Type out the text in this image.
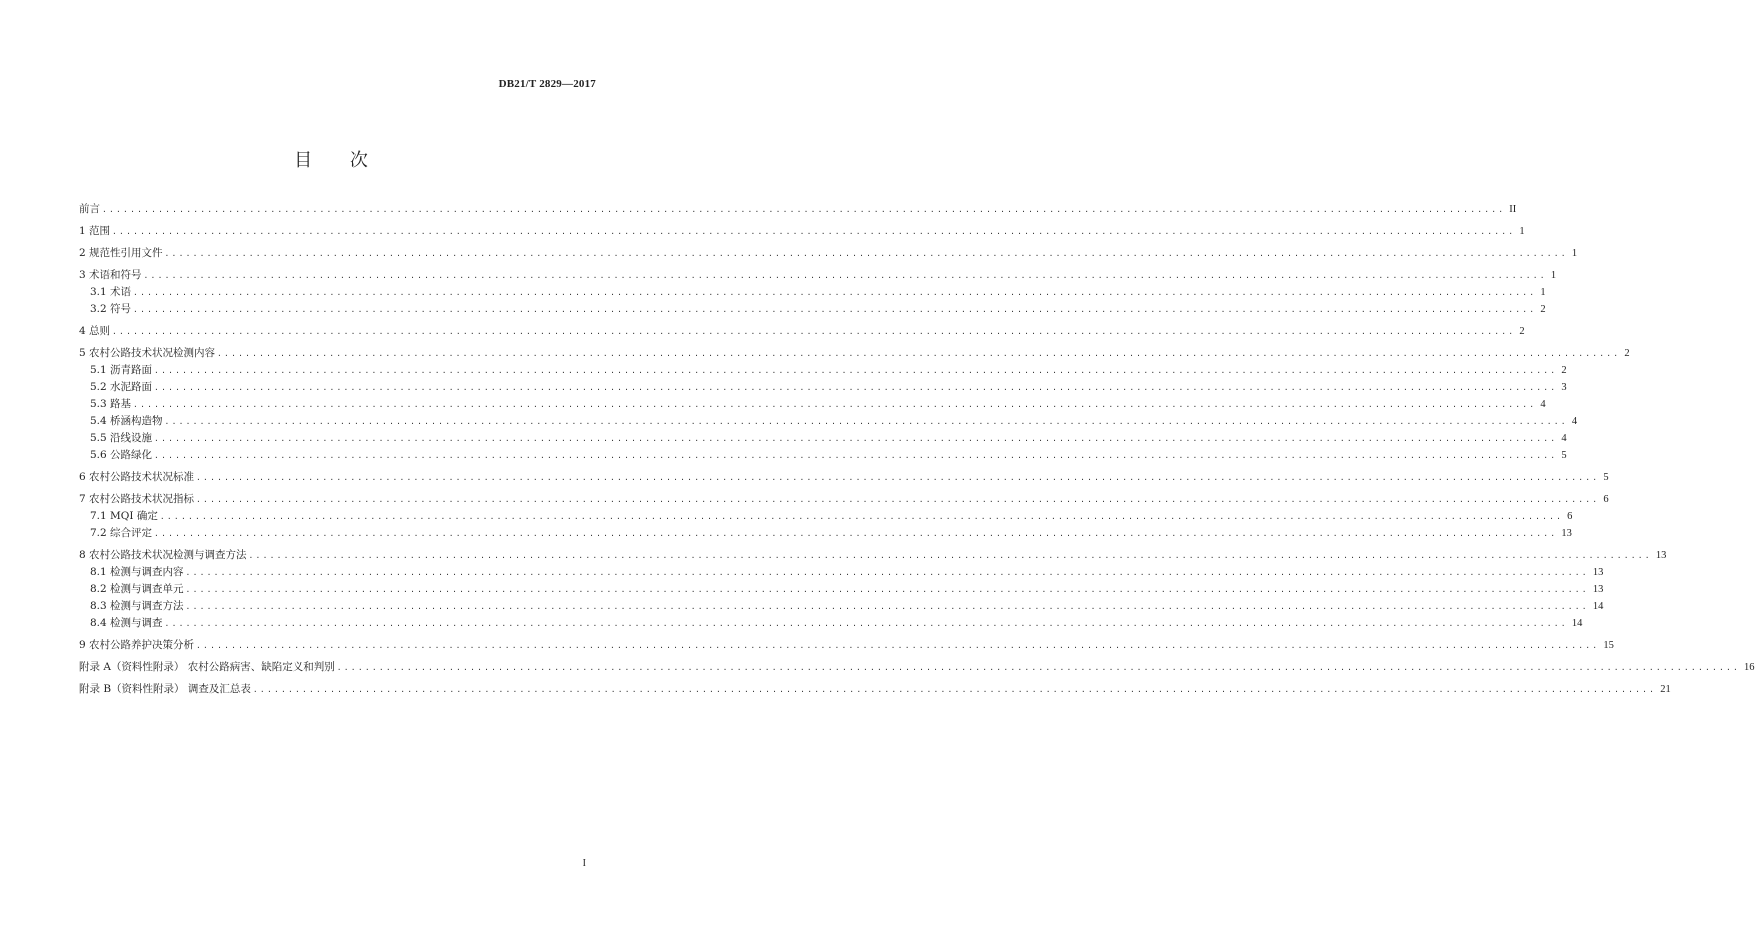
DB21/T 2829—2017
目 次
前言 ........................................................................................................................................................................................................ II
1 范围 ........................................................................................................................................................................................................ 1
2 规范性引用文件 ........................................................................................................................................................................................................ 1
3 术语和符号 ........................................................................................................................................................................................................ 1
3.1 术语 ........................................................................................................................................................................................................ 1
3.2 符号 ........................................................................................................................................................................................................ 2
4 总则 ........................................................................................................................................................................................................ 2
5 农村公路技术状况检测内容 ........................................................................................................................................................................................................ 2
5.1 沥青路面 ........................................................................................................................................................................................................ 2
5.2 水泥路面 ........................................................................................................................................................................................................ 3
5.3 路基 ........................................................................................................................................................................................................ 4
5.4 桥涵构造物 ........................................................................................................................................................................................................ 4
5.5 沿线设施 ........................................................................................................................................................................................................ 4
5.6 公路绿化 ........................................................................................................................................................................................................ 5
6 农村公路技术状况标准 ........................................................................................................................................................................................................ 5
7 农村公路技术状况指标 ........................................................................................................................................................................................................ 6
7.1 MQI 确定 ........................................................................................................................................................................................................ 6
7.2 综合评定 ........................................................................................................................................................................................................ 13
8 农村公路技术状况检测与调查方法 ........................................................................................................................................................................................................ 13
8.1 检测与调查内容 ........................................................................................................................................................................................................ 13
8.2 检测与调查单元 ........................................................................................................................................................................................................ 13
8.3 检测与调查方法 ........................................................................................................................................................................................................ 14
8.4 检测与调查 ........................................................................................................................................................................................................ 14
9 农村公路养护决策分析 ........................................................................................................................................................................................................ 15
附录 A（资料性附录） 农村公路病害、缺陷定义和判别 ........................................................................................................................................................................................................ 16
附录 B（资料性附录） 调查及汇总表 ........................................................................................................................................................................................................ 21
I
